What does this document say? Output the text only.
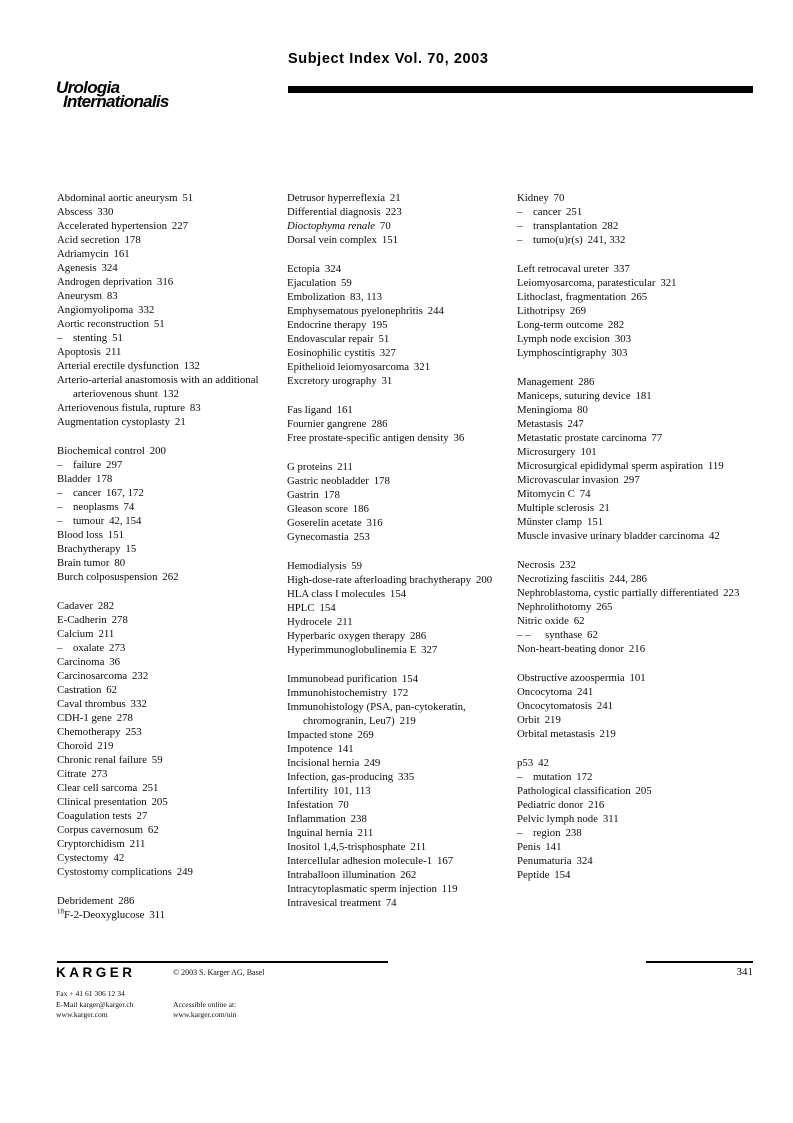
Urologia
Internationalis
Subject Index Vol. 70, 2003
Abdominal aortic aneurysm 51
Abscess 330
Accelerated hypertension 227
Acid secretion 178
Adriamycin 161
Agenesis 324
Androgen deprivation 316
Aneurysm 83
Angiomyolipoma 332
Aortic reconstruction 51
– stenting 51
Apoptosis 211
Arterial erectile dysfunction 132
Arterio-arterial anastomosis with an additional arteriovenous shunt 132
Arteriovenous fistula, rupture 83
Augmentation cystoplasty 21
Biochemical control 200
– failure 297
Bladder 178
– cancer 167, 172
– neoplasms 74
– tumour 42, 154
Blood loss 151
Brachytherapy 15
Brain tumor 80
Burch colposuspension 262
Cadaver 282
E-Cadherin 278
Calcium 211
– oxalate 273
Carcinoma 36
Carcinosarcoma 232
Castration 62
Caval thrombus 332
CDH-1 gene 278
Chemotherapy 253
Choroid 219
Chronic renal failure 59
Citrate 273
Clear cell sarcoma 251
Clinical presentation 205
Coagulation tests 27
Corpus cavernosum 62
Cryptorchidism 211
Cystectomy 42
Cystostomy complications 249
Debridement 286
$^{18}$F-2-Deoxyglucose 311
Detrusor hyperreflexia 21
Differential diagnosis 223
Dioctophyma renale 70
Dorsal vein complex 151
Ectopia 324
Ejaculation 59
Embolization 83, 113
Emphysematous pyelonephritis 244
Endocrine therapy 195
Endovascular repair 51
Eosinophilic cystitis 327
Epithelioid leiomyosarcoma 321
Excretory urography 31
Fas ligand 161
Fournier gangrene 286
Free prostate-specific antigen density 36
G proteins 211
Gastric neobladder 178
Gastrin 178
Gleason score 186
Goserelin acetate 316
Gynecomastia 253
Hemodialysis 59
High-dose-rate afterloading brachytherapy 200
HLA class I molecules 154
HPLC 154
Hydrocele 211
Hyperbaric oxygen therapy 286
Hyperimmunoglobulinemia E 327
Immunobead purification 154
Immunohistochemistry 172
Immunohistology (PSA, pan-cytokeratin, chromogranin, Leu7) 219
Impacted stone 269
Impotence 141
Incisional hernia 249
Infection, gas-producing 335
Infertility 101, 113
Infestation 70
Inflammation 238
Inguinal hernia 211
Inositol 1,4,5-trisphosphate 211
Intercellular adhesion molecule-1 167
Intraballoon illumination 262
Intracytoplasmatic sperm injection 119
Intravesical treatment 74
Kidney 70
– cancer 251
– transplantation 282
– tumo(u)r(s) 241, 332
Left retrocaval ureter 337
Leiomyosarcoma, paratesticular 321
Lithoclast, fragmentation 265
Lithotripsy 269
Long-term outcome 282
Lymph node excision 303
Lymphoscintigraphy 303
Management 286
Maniceps, suturing device 181
Meningioma 80
Metastasis 247
Metastatic prostate carcinoma 77
Microsurgery 101
Microsurgical epididymal sperm aspiration 119
Microvascular invasion 297
Mitomycin C 74
Multiple sclerosis 21
Münster clamp 151
Muscle invasive urinary bladder carcinoma 42
Necrosis 232
Necrotizing fasciitis 244, 286
Nephroblastoma, cystic partially differentiated 223
Nephrolithotomy 265
Nitric oxide 62
– – synthase 62
Non-heart-beating donor 216
Obstructive azoospermia 101
Oncocytoma 241
Oncocytomatosis 241
Orbit 219
Orbital metastasis 219
p53 42
– mutation 172
Pathological classification 205
Pediatric donor 216
Pelvic lymph node 311
– region 238
Penis 141
Penumaturia 324
Peptide 154
KARGER	© 2003 S. Karger AG, Basel
Fax + 41 61 306 12 34
E-Mail karger@karger.ch
www.karger.com
Accessible online at:
www.karger.com/uin
341
